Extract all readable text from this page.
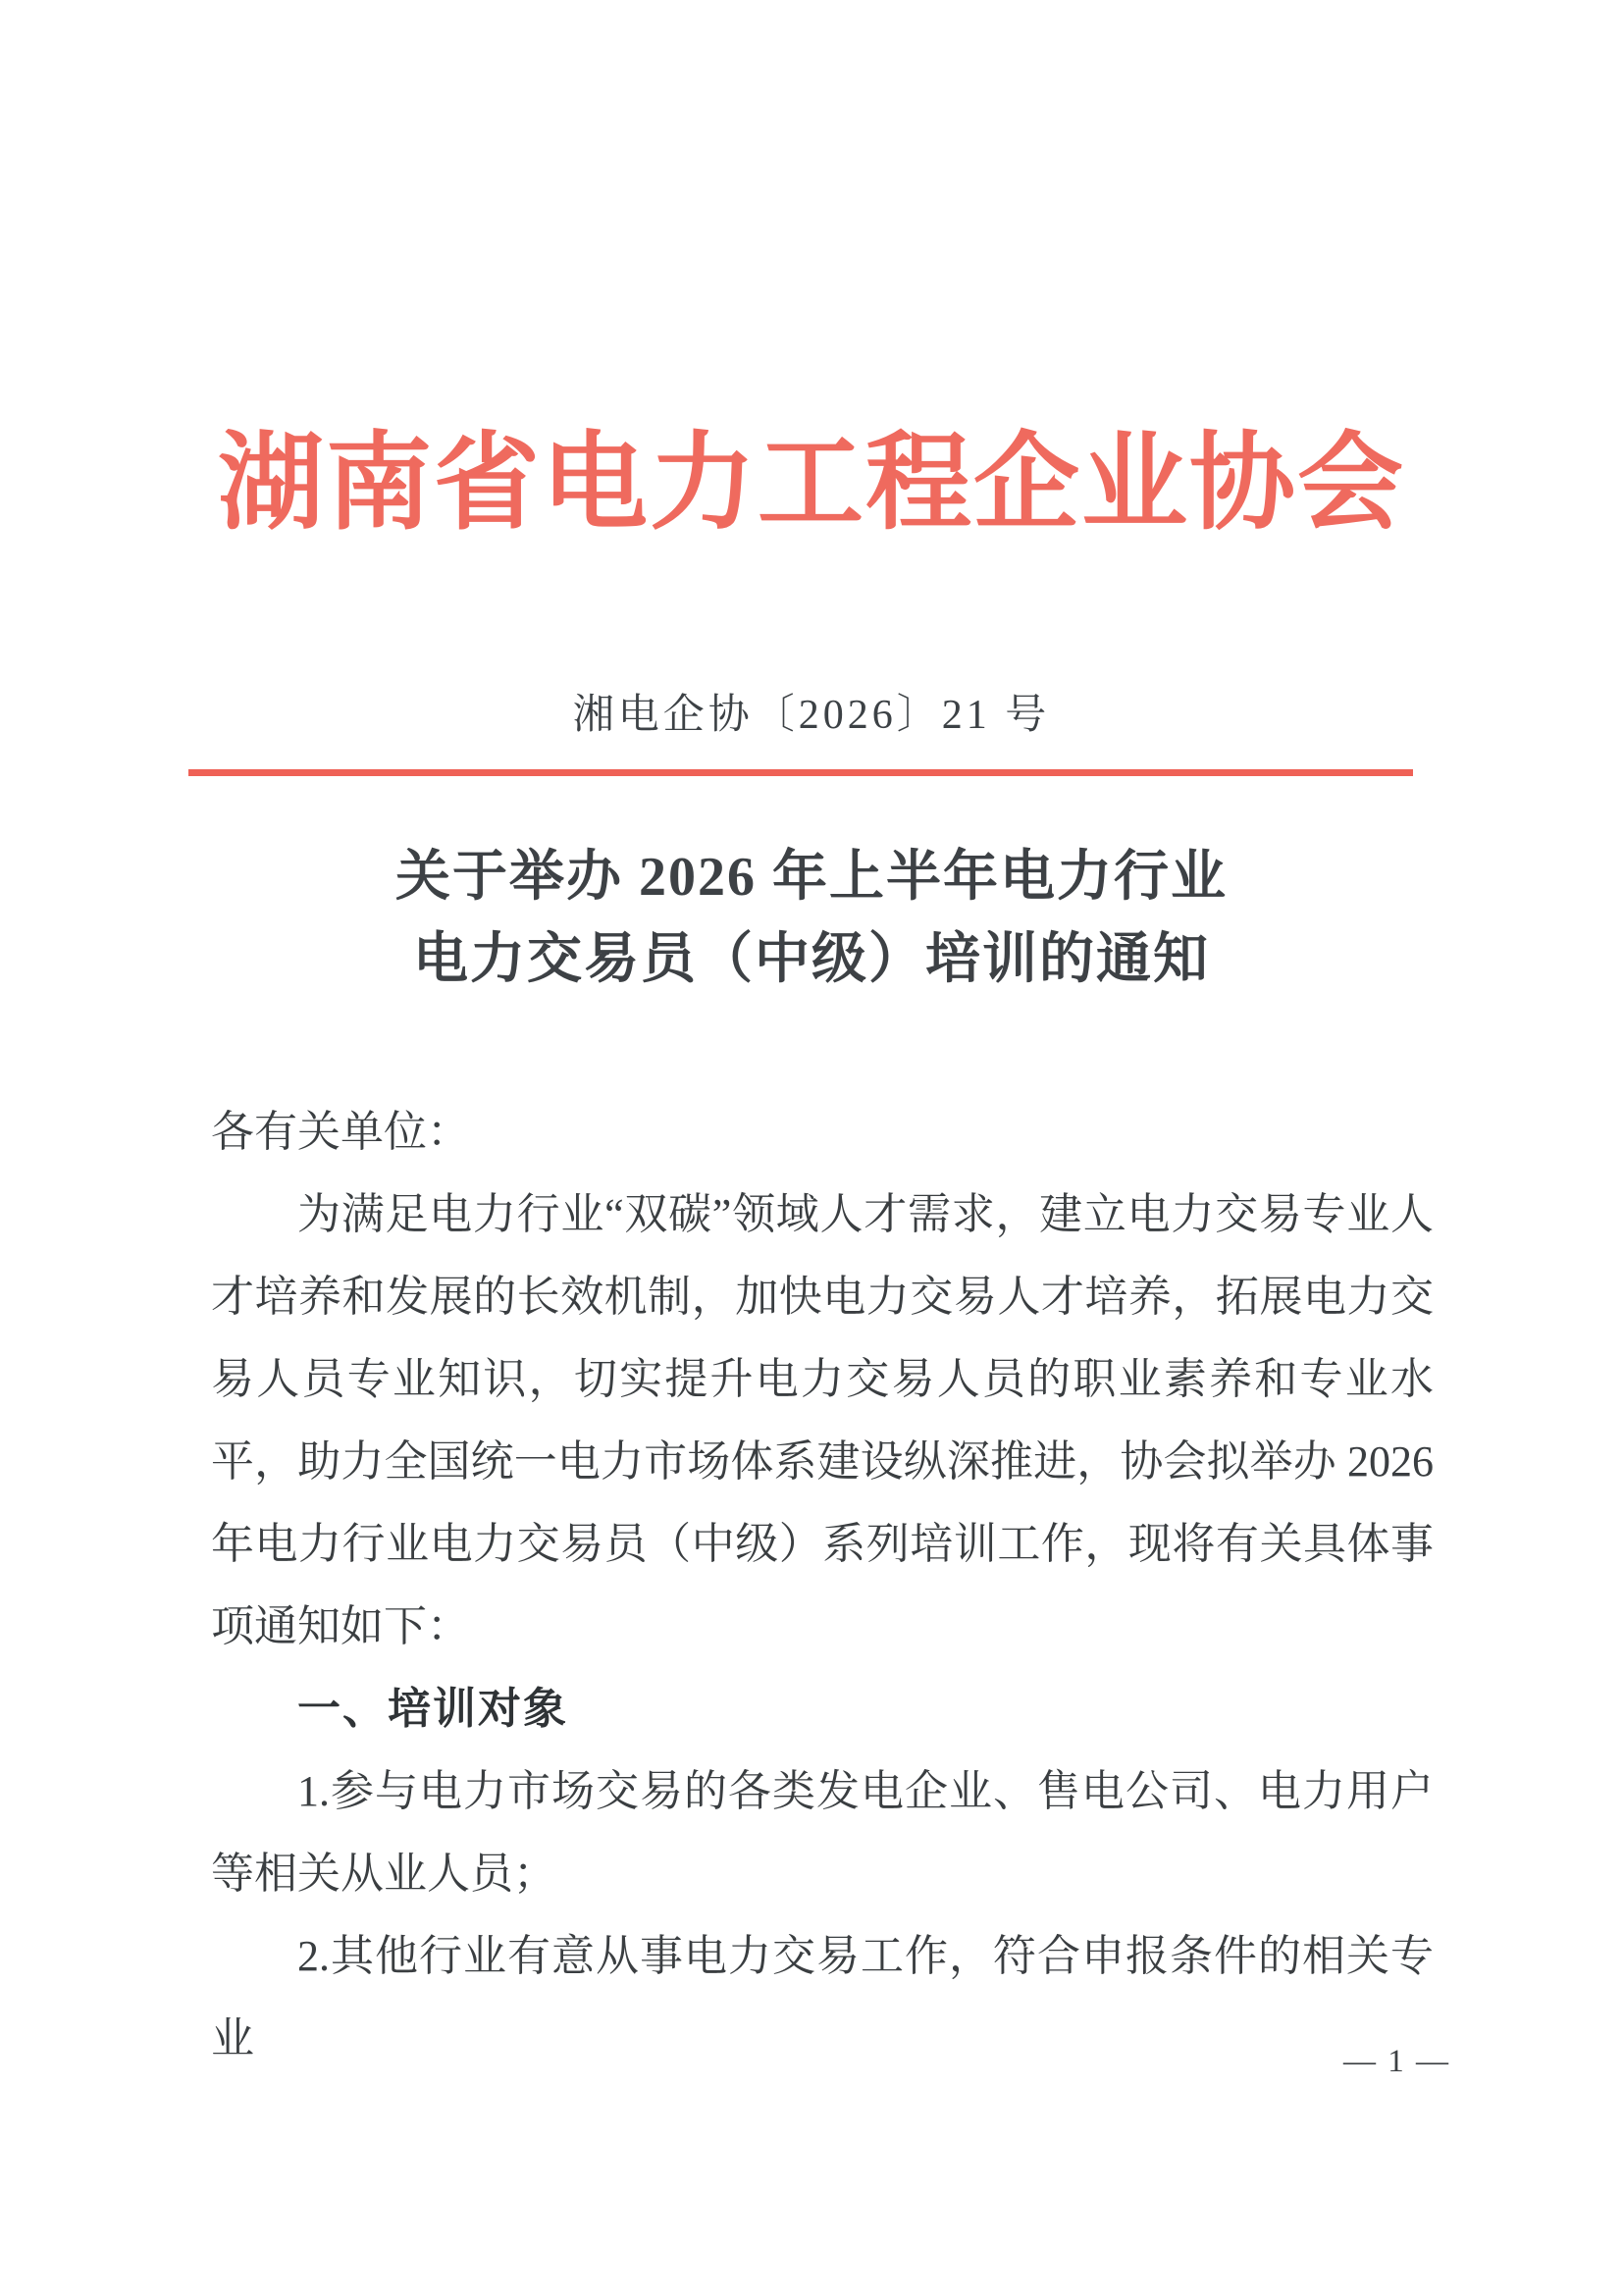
湖南省电力工程企业协会
湘电企协〔2026〕21 号
关于举办 2026 年上半年电力行业
电力交易员（中级）培训的通知

各有关单位：

为满足电力行业“双碳”领域人才需求，建立电力交易专业人才培养和发展的长效机制，加快电力交易人才培养，拓展电力交易人员专业知识，切实提升电力交易人员的职业素养和专业水平，助力全国统一电力市场体系建设纵深推进，协会拟举办 2026 年电力行业电力交易员（中级）系列培训工作，现将有关具体事项通知如下：

一、培训对象

1.参与电力市场交易的各类发电企业、售电公司、电力用户等相关从业人员；

2.其他行业有意从事电力交易工作，符合申报条件的相关专业	— 1 —
